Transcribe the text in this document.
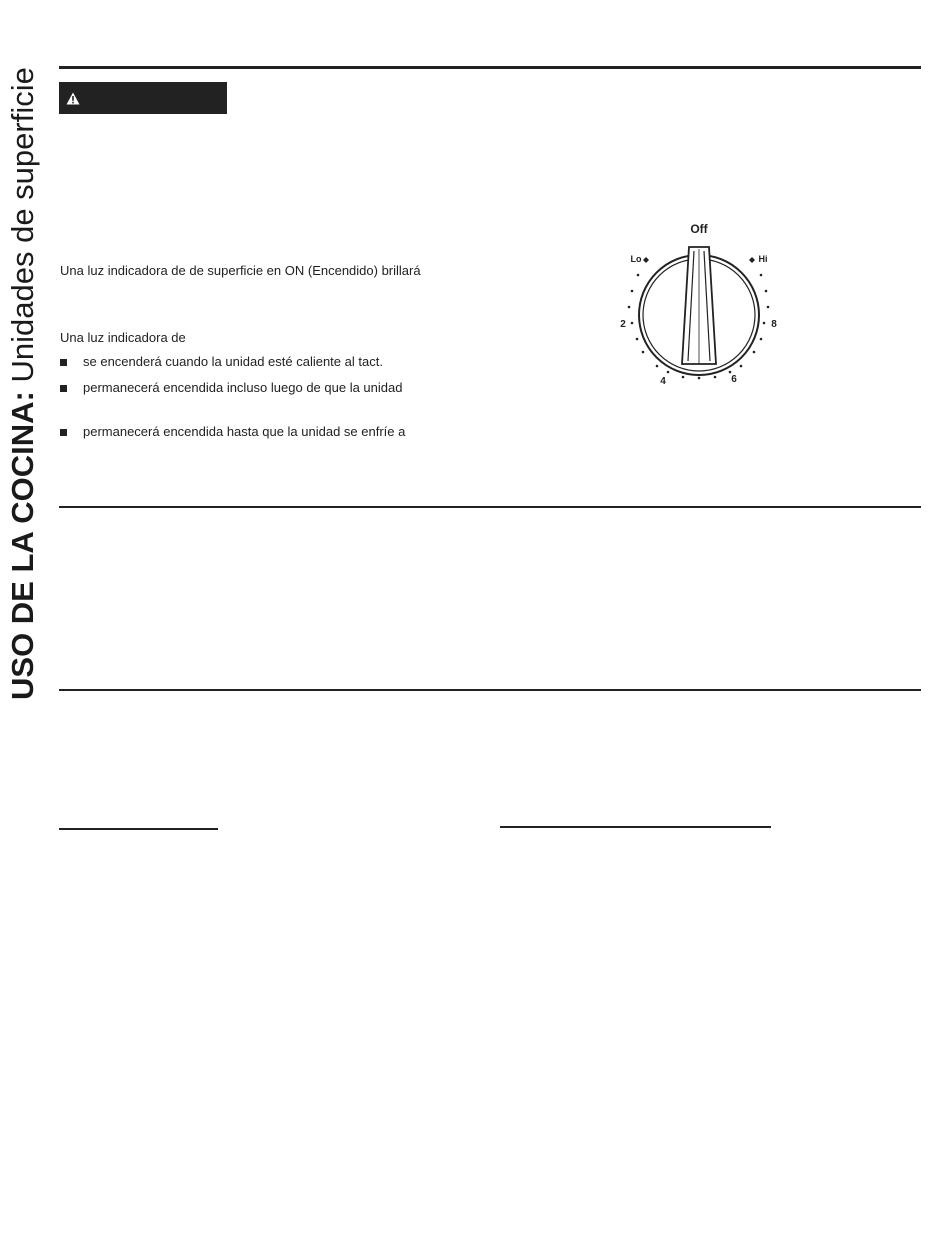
USO DE LA COCINA: Unidades de superficie Una luz indicadora de de superficie en ON (Encendido) brillará
Una luz indicadora de
se encenderá cuando la unidad esté caliente al tact.
permanecerá encendida incluso luego de que la unidad
permanecerá encendida hasta que la unidad se enfríe a
Off
Lo	Hi
2
4	6
8
